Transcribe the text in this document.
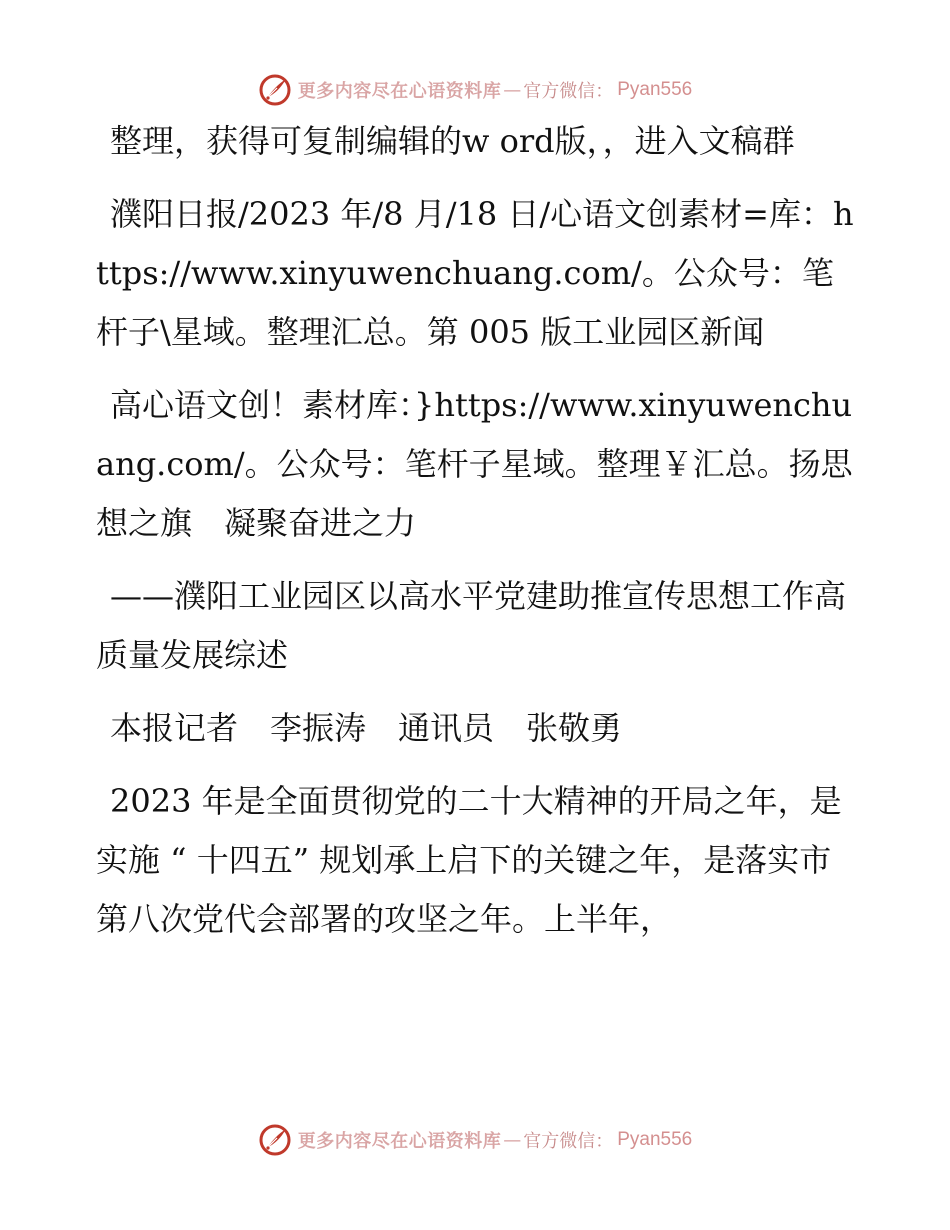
更多内容尽在心语资料库 — 官方微信 ： Pyan556

整理，获得可复制编辑的w ord版，，进入文稿群

濮阳日报/2023 年/8 月/18 日/心语文创素材=库：https://www.xinyuwenchuang.com/。公众号：笔杆子\星域。整理汇总。第 005 版工业园区新闻

高心语文创！素材库：}https://www.xinyuwenchuang.com/。公众号：笔杆子星域。整理￥汇总。扬思想之旗　凝聚奋进之力

——濮阳工业园区以高水平党建助推宣传思想工作高质量发展综述

本报记者　李振涛　通讯员　张敬勇

2023 年是全面贯彻党的二十大精神的开局之年，是实施 “ 十四五” 规划承上启下的关键之年，是落实市第八次党代会部署的攻坚之年。上半年，

更多内容尽在心语资料库 — 官方微信 ： Pyan556
